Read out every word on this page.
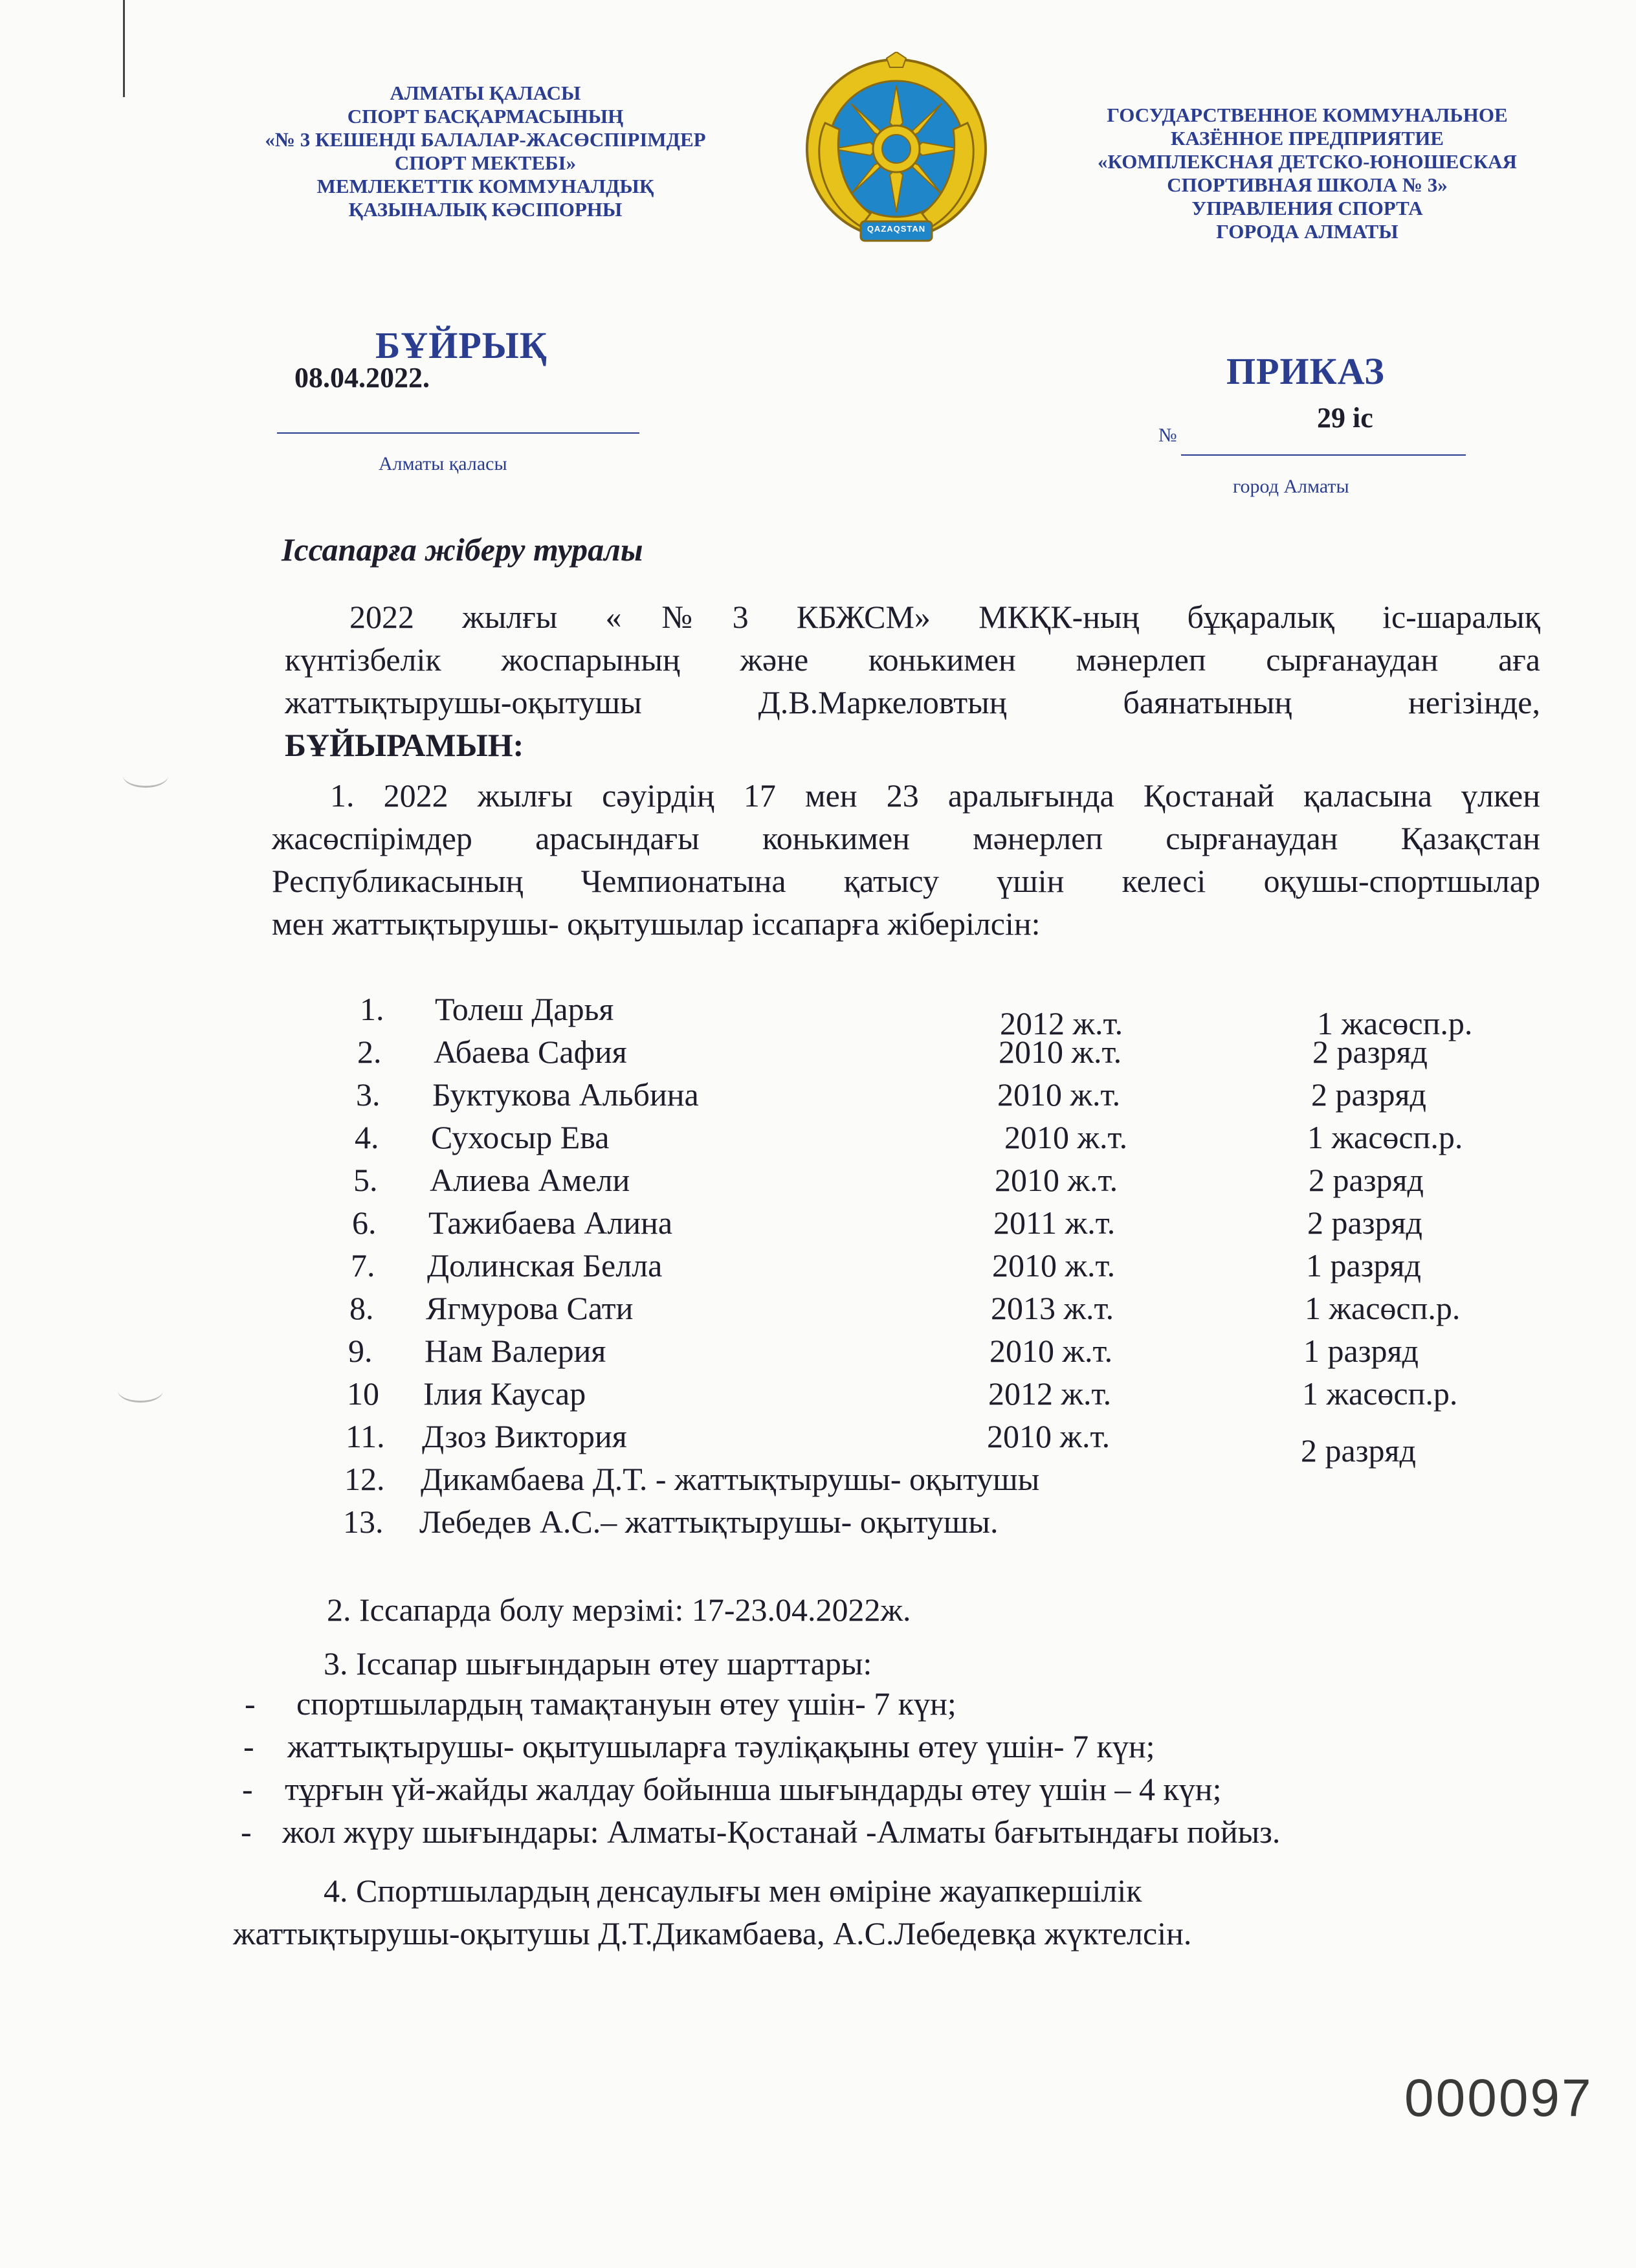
АЛМАТЫ ҚАЛАСЫ
СПОРТ БАСҚАРМАСЫНЫҢ
«№ 3 КЕШЕНДІ БАЛАЛАР-ЖАСӨСПІРІМДЕР
СПОРТ МЕКТЕБІ»
МЕМЛЕКЕТТІК КОММУНАЛДЫҚ
ҚАЗЫНАЛЫҚ КӘСІПОРНЫ
QAZAQSTAN
ГОСУДАРСТВЕННОЕ КОММУНАЛЬНОЕ
КАЗЁННОЕ ПРЕДПРИЯТИЕ
«КОМПЛЕКСНАЯ ДЕТСКО-ЮНОШЕСКАЯ
СПОРТИВНАЯ ШКОЛА № 3»
УПРАВЛЕНИЯ СПОРТА
ГОРОДА АЛМАТЫ
БҰЙРЫҚ
08.04.2022.
Алматы қаласы
ПРИКАЗ
№
29 іс
город Алматы
Іссапарға жіберу туралы
2022 жылғы «№3 КБЖСМ» МКҚК-ның бұқаралық іс-шаралық
күнтізбелік жоспарының және конькимен мәнерлеп сырғанаудан аға
жаттықтырушы-оқытушы Д.В.Маркеловтың баянатының негізінде,
БҰЙЫРАМЫН:
1. 2022 жылғы сәуірдің 17 мен 23 аралығында Қостанай қаласына үлкен
жасөспірімдер арасындағы конькимен мәнерлеп сырғанаудан Қазақстан
Республикасының Чемпионатына қатысу үшін келесі оқушы-спортшылар
мен жаттықтырушы- оқытушылар іссапарға жіберілсін:
1. Толеш Дарья	2012 ж.т.	1 жасөсп.р.
2. Абаева Сафия	2010 ж.т.	2 разряд
3. Буктукова Альбина	2010 ж.т.	2 разряд
4. Сухосыр Ева	2010 ж.т.	1 жасөсп.р.
5. Алиева Амели	2010 ж.т.	2 разряд
6. Тажибаева Алина	2011 ж.т.	2 разряд
7. Долинская Белла	2010 ж.т.	1 разряд
8. Ягмурова Сати	2013 ж.т.	1 жасөсп.р.
9. Нам Валерия	2010 ж.т.	1 разряд
10 Ілия Каусар	2012 ж.т.	1 жасөсп.р.
11. Дзоз Виктория	2010 ж.т.	2 разряд
12. Дикамбаева Д.Т. - жаттықтырушы- оқытушы
13. Лебедев А.С.– жаттықтырушы- оқытушы.
2. Іссапарда болу мерзімі: 17-23.04.2022ж.
3. Іссапар шығындарын өтеу шарттары:
- спортшылардың тамақтануын өтеу үшін- 7 күн;
- жаттықтырушы- оқытушыларға тәуліқақыны өтеу үшін- 7 күн;
- тұрғын үй-жайды жалдау бойынша шығындарды өтеу үшін – 4 күн;
- жол жүру шығындары: Алматы-Қостанай -Алматы бағытындағы пойыз.
4. Спортшылардың денсаулығы мен өміріне жауапкершілік
жаттықтырушы-оқытушы Д.Т.Дикамбаева, А.С.Лебедевқа жүктелсін.
000097
